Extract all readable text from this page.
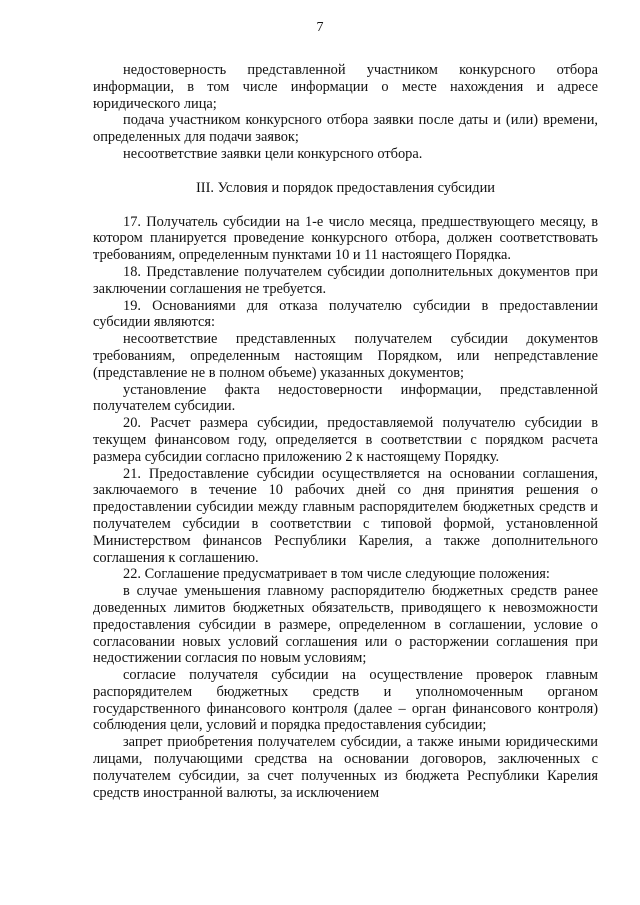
7

недостоверность представленной участником конкурсного отбора информации, в том числе информации о месте нахождения и адресе юридического лица;

подача участником конкурсного отбора заявки после даты и (или) времени, определенных для подачи заявок;

несоответствие заявки цели конкурсного отбора.

III. Условия и порядок предоставления субсидии

17. Получатель субсидии на 1-е число месяца, предшествующего месяцу, в котором планируется проведение конкурсного отбора, должен соответствовать требованиям, определенным пунктами 10 и 11 настоящего Порядка.

18. Представление получателем субсидии дополнительных документов при заключении соглашения не требуется.

19. Основаниями для отказа получателю субсидии в предоставлении субсидии являются:

несоответствие представленных получателем субсидии документов требованиям, определенным настоящим Порядком, или непредставление (представление не в полном объеме) указанных документов;

установление факта недостоверности информации, представленной получателем субсидии.

20. Расчет размера субсидии, предоставляемой получателю субсидии в текущем финансовом году, определяется в соответствии с порядком расчета размера субсидии согласно приложению 2 к настоящему Порядку.

21. Предоставление субсидии осуществляется на основании соглашения, заключаемого в течение 10 рабочих дней со дня принятия решения о предоставлении субсидии между главным распорядителем бюджетных средств и получателем субсидии в соответствии с типовой формой, установленной Министерством финансов Республики Карелия, а также дополнительного соглашения к соглашению.

22. Соглашение предусматривает в том числе следующие положения:

в случае уменьшения главному распорядителю бюджетных средств ранее доведенных лимитов бюджетных обязательств, приводящего к невозможности предоставления субсидии в размере, определенном в соглашении, условие о согласовании новых условий соглашения или о расторжении соглашения при недостижении согласия по новым условиям;

согласие получателя субсидии на осуществление проверок главным распорядителем бюджетных средств и уполномоченным органом государственного финансового контроля (далее – орган финансового контроля) соблюдения цели, условий и порядка предоставления субсидии;

запрет приобретения получателем субсидии, а также иными юридическими лицами, получающими средства на основании договоров, заключенных с получателем субсидии, за счет полученных из бюджета Республики Карелия средств иностранной валюты, за исключением
